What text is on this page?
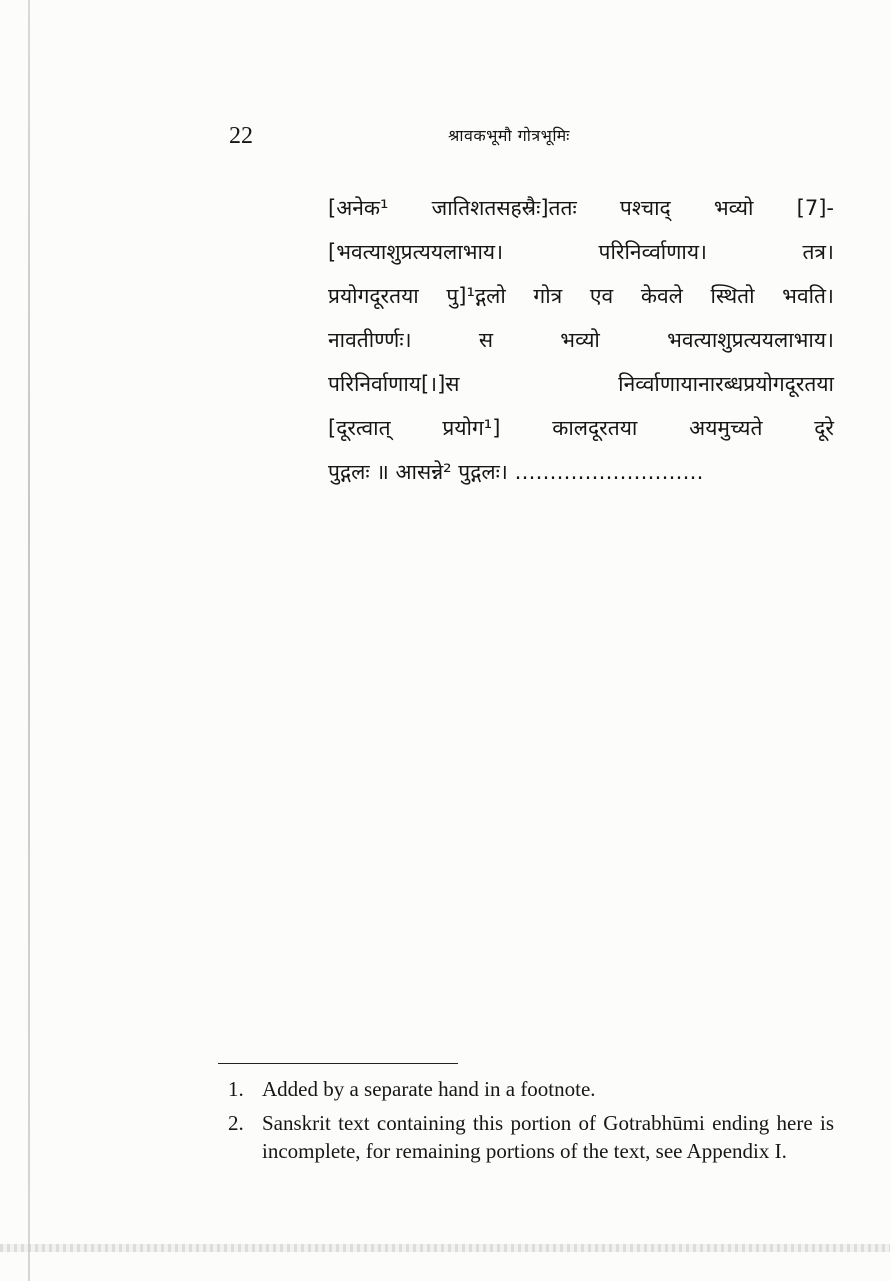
22	श्रावकभूमौ गोत्रभूमिः
[अनेक¹ जातिशतसहस्रैः]ततः पश्चाद् भव्यो [7]-
[भवत्याशुप्रत्ययलाभाय। परिनिर्व्वाणाय। तत्र।
प्रयोगदूरतया पु]¹द्गलो गोत्र एव केवले स्थितो भवति।
नावतीर्ण्णः। स भव्यो भवत्याशुप्रत्ययलाभाय।
परिनिर्वाणाय[।]स निर्व्वाणायानारब्धप्रयोगदूरतया
[दूरत्वात् प्रयोग¹] कालदूरतया अयमुच्यते दूरे
पुद्गलः ॥ आसन्ने² पुद्गलः। ………………………
1. Added by a separate hand in a footnote.
2. Sanskrit text containing this portion of Gotrabhūmi ending here is incomplete, for remaining portions of the text, see Appendix I.
